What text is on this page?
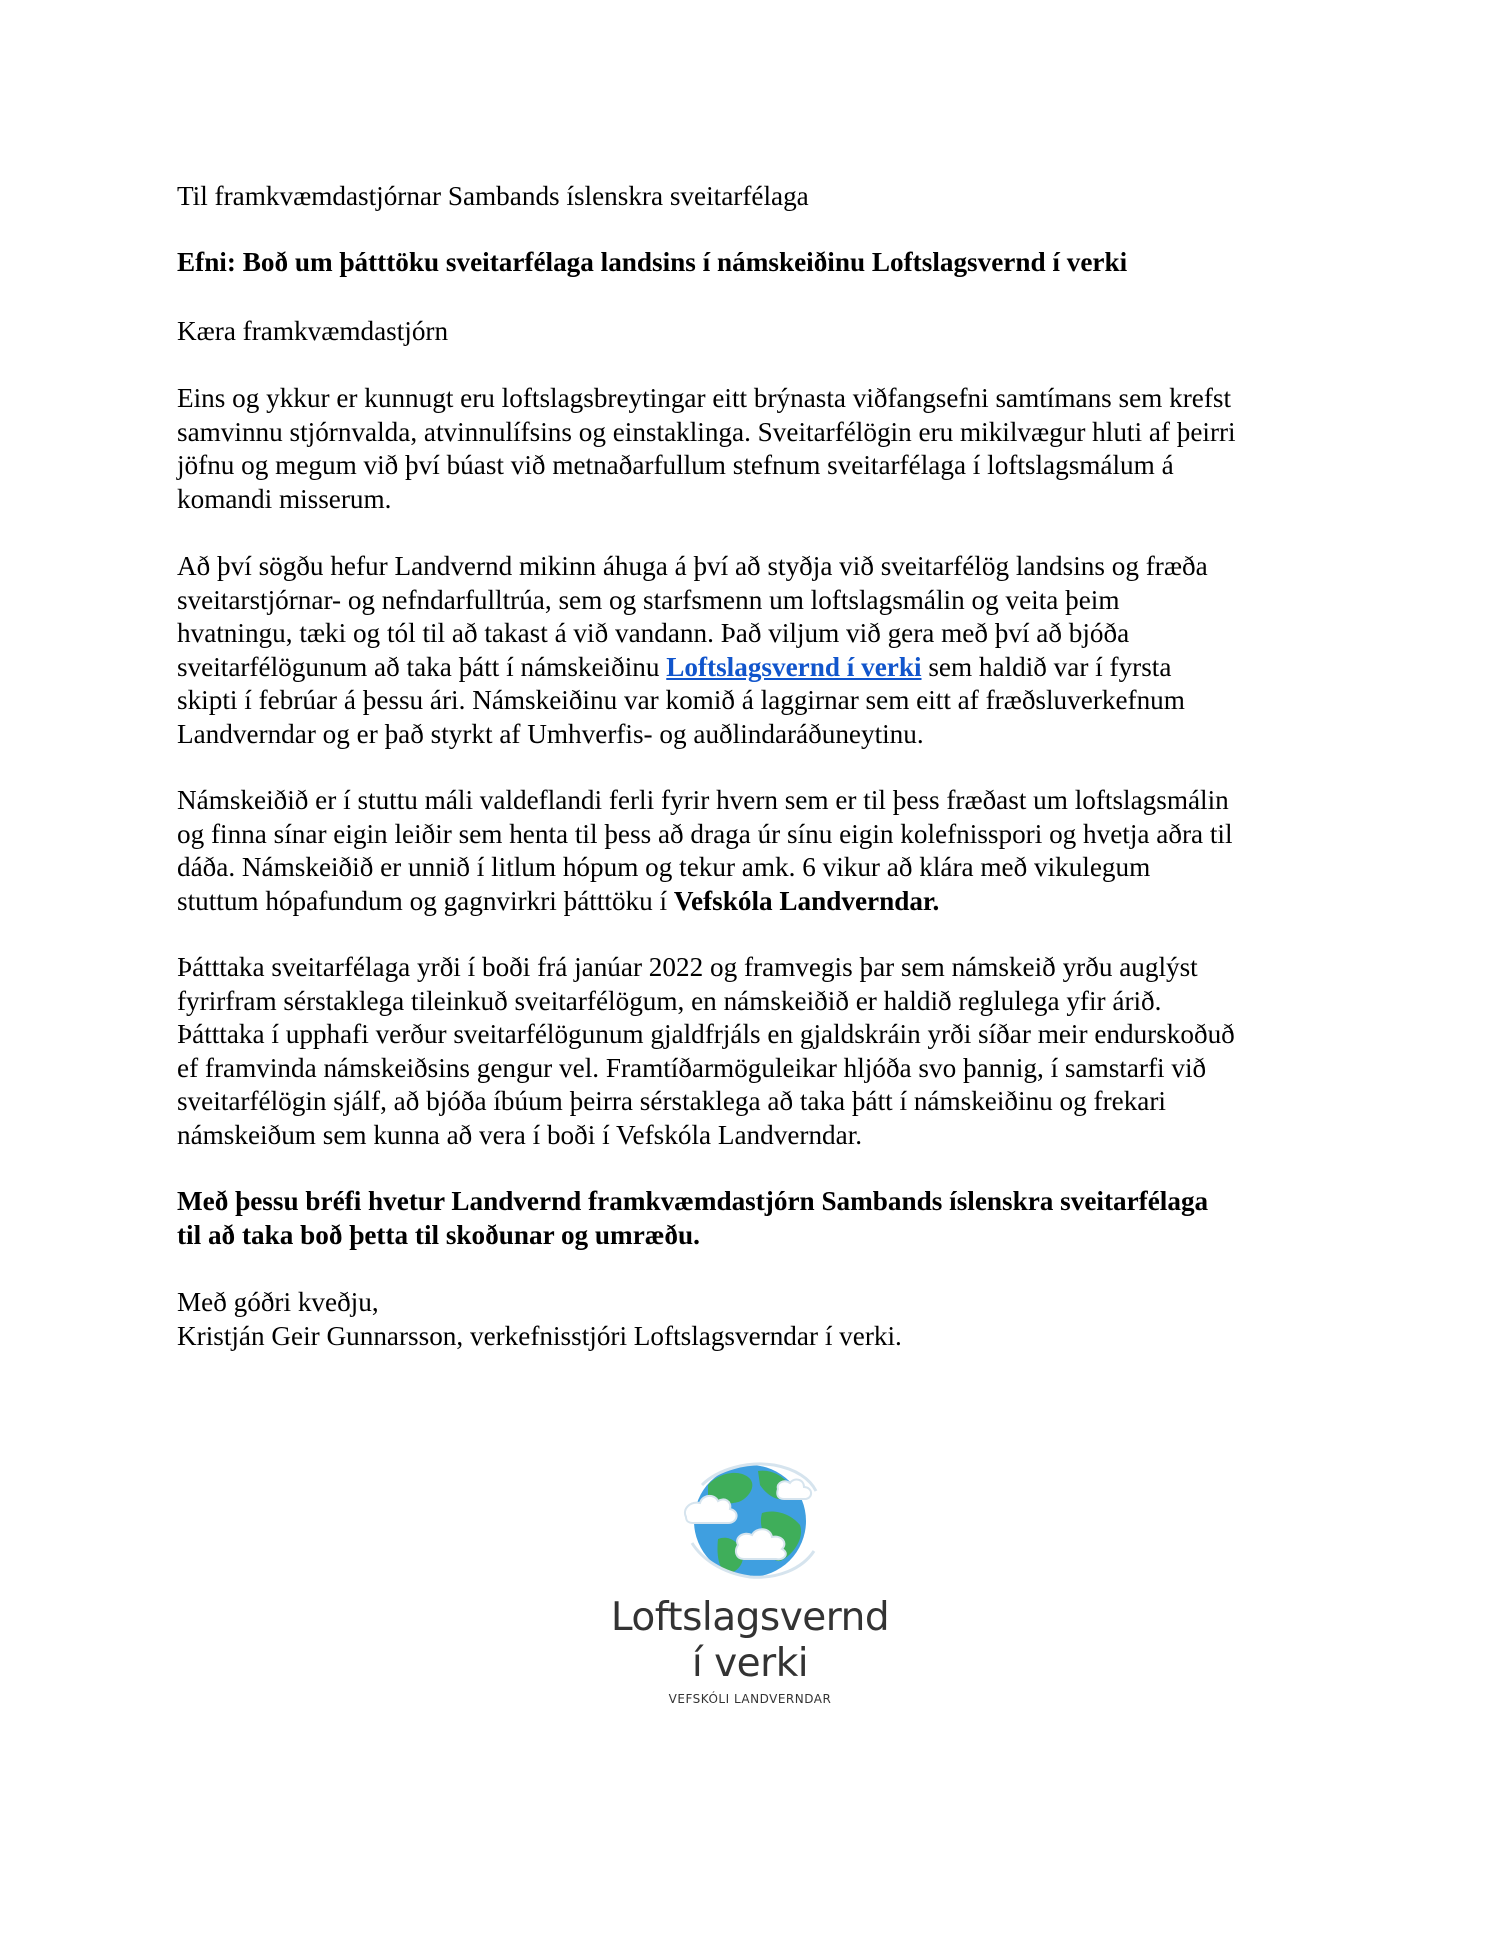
Til framkvæmdastjórnar Sambands íslenskra sveitarfélaga

Efni: Boð um þátttöku sveitarfélaga landsins í námskeiðinu Loftslagsvernd í verki

Kæra framkvæmdastjórn

Eins og ykkur er kunnugt eru loftslagsbreytingar eitt brýnasta viðfangsefni samtímans sem krefst
samvinnu stjórnvalda, atvinnulífsins og einstaklinga. Sveitarfélögin eru mikilvægur hluti af þeirri
jöfnu og megum við því búast við metnaðarfullum stefnum sveitarfélaga í loftslagsmálum á
komandi misserum.

Að því sögðu hefur Landvernd mikinn áhuga á því að styðja við sveitarfélög landsins og fræða
sveitarstjórnar- og nefndarfulltrúa, sem og starfsmenn um loftslagsmálin og veita þeim
hvatningu, tæki og tól til að takast á við vandann. Það viljum við gera með því að bjóða
sveitarfélögunum að taka þátt í námskeiðinu Loftslagsvernd í verki sem haldið var í fyrsta
skipti í febrúar á þessu ári. Námskeiðinu var komið á laggirnar sem eitt af fræðsluverkefnum
Landverndar og er það styrkt af Umhverfis- og auðlindaráðuneytinu.

Námskeiðið er í stuttu máli valdeflandi ferli fyrir hvern sem er til þess fræðast um loftslagsmálin
og finna sínar eigin leiðir sem henta til þess að draga úr sínu eigin kolefnisspori og hvetja aðra til
dáða. Námskeiðið er unnið í litlum hópum og tekur amk. 6 vikur að klára með vikulegum
stuttum hópafundum og gagnvirkri þátttöku í Vefskóla Landverndar.

Þátttaka sveitarfélaga yrði í boði frá janúar 2022 og framvegis þar sem námskeið yrðu auglýst
fyrirfram sérstaklega tileinkuð sveitarfélögum, en námskeiðið er haldið reglulega yfir árið.
Þátttaka í upphafi verður sveitarfélögunum gjaldfrjáls en gjaldskráin yrði síðar meir endurskoðuð
ef framvinda námskeiðsins gengur vel. Framtíðarmöguleikar hljóða svo þannig, í samstarfi við
sveitarfélögin sjálf, að bjóða íbúum þeirra sérstaklega að taka þátt í námskeiðinu og frekari
námskeiðum sem kunna að vera í boði í Vefskóla Landverndar.

Með þessu bréfi hvetur Landvernd framkvæmdastjórn Sambands íslenskra sveitarfélaga
til að taka boð þetta til skoðunar og umræðu.

Með góðri kveðju,
Kristján Geir Gunnarsson, verkefnisstjóri Loftslagsverndar í verki.

Loftslagsvernd
í verki
VEFSKÓLI LANDVERNDAR
